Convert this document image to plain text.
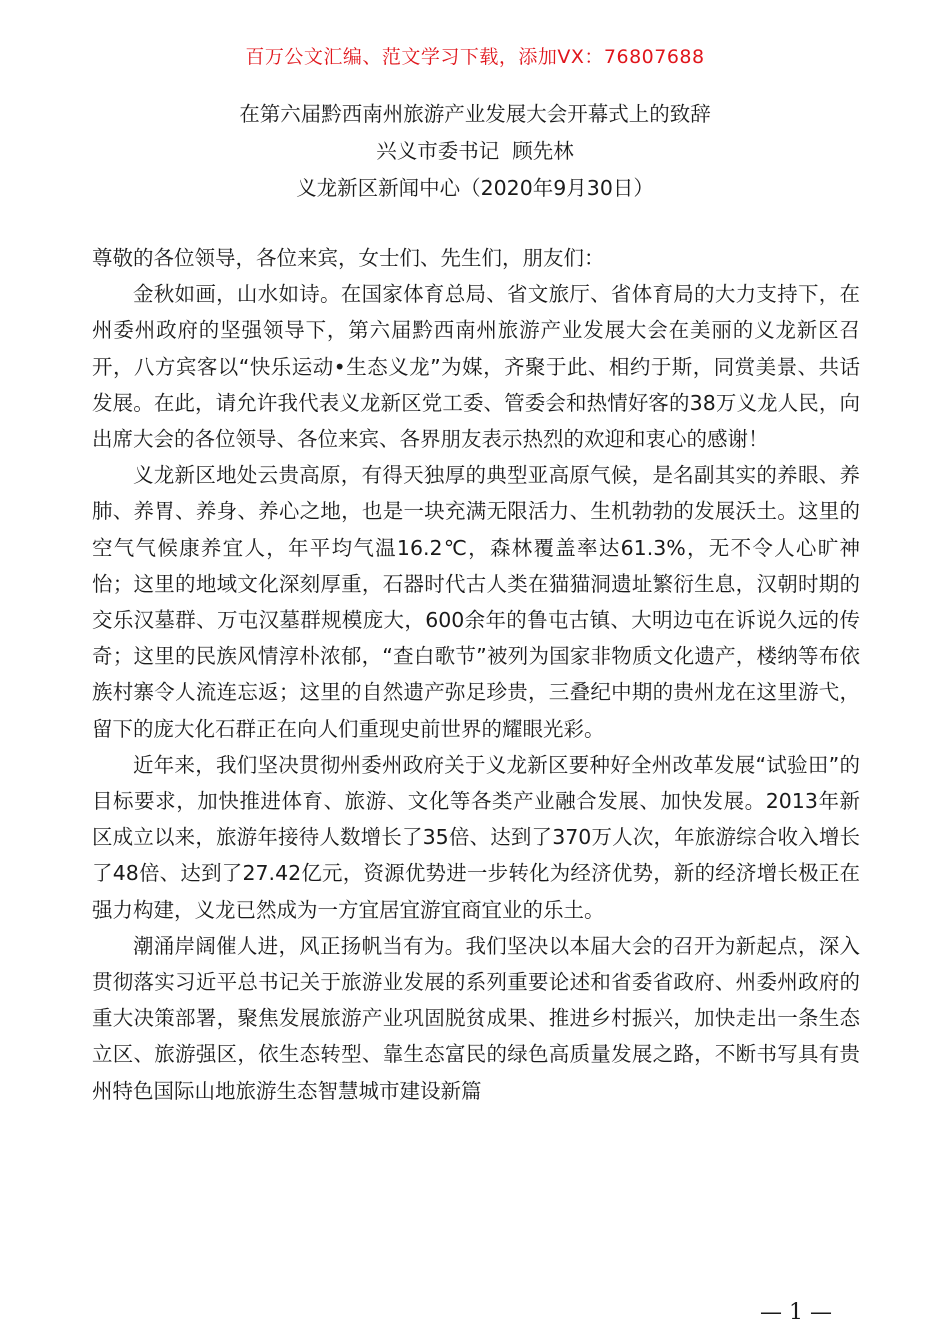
百万公文汇编、范文学习下载，添加VX：76807688
在第六届黔西南州旅游产业发展大会开幕式上的致辞
兴义市委书记  顾先林
义龙新区新闻中心（2020年9月30日）

尊敬的各位领导，各位来宾，女士们、先生们，朋友们：

金秋如画，山水如诗。在国家体育总局、省文旅厅、省体育局的大力支持下，在州委州政府的坚强领导下，第六届黔西南州旅游产业发展大会在美丽的义龙新区召开，八方宾客以“快乐运动•生态义龙”为媒，齐聚于此、相约于斯，同赏美景、共话发展。在此，请允许我代表义龙新区党工委、管委会和热情好客的38万义龙人民，向出席大会的各位领导、各位来宾、各界朋友表示热烈的欢迎和衷心的感谢！

义龙新区地处云贵高原，有得天独厚的典型亚高原气候，是名副其实的养眼、养肺、养胃、养身、养心之地，也是一块充满无限活力、生机勃勃的发展沃土。这里的空气气候康养宜人，年平均气温16.2℃，森林覆盖率达61.3%，无不令人心旷神怡；这里的地域文化深刻厚重，石器时代古人类在猫猫洞遗址繁衍生息，汉朝时期的交乐汉墓群、万屯汉墓群规模庞大，600余年的鲁屯古镇、大明边屯在诉说久远的传奇；这里的民族风情淳朴浓郁，“查白歌节”被列为国家非物质文化遗产，楼纳等布依族村寨令人流连忘返；这里的自然遗产弥足珍贵，三叠纪中期的贵州龙在这里游弋，留下的庞大化石群正在向人们重现史前世界的耀眼光彩。

近年来，我们坚决贯彻州委州政府关于义龙新区要种好全州改革发展“试验田”的目标要求，加快推进体育、旅游、文化等各类产业融合发展、加快发展。2013年新区成立以来，旅游年接待人数增长了35倍、达到了370万人次，年旅游综合收入增长了48倍、达到了27.42亿元，资源优势进一步转化为经济优势，新的经济增长极正在强力构建，义龙已然成为一方宜居宜游宜商宜业的乐土。

潮涌岸阔催人进，风正扬帆当有为。我们坚决以本届大会的召开为新起点，深入贯彻落实习近平总书记关于旅游业发展的系列重要论述和省委省政府、州委州政府的重大决策部署，聚焦发展旅游产业巩固脱贫成果、推进乡村振兴，加快走出一条生态立区、旅游强区，依生态转型、靠生态富民的绿色高质量发展之路，不断书写具有贵州特色国际山地旅游生态智慧城市建设新篇

— 1 —
